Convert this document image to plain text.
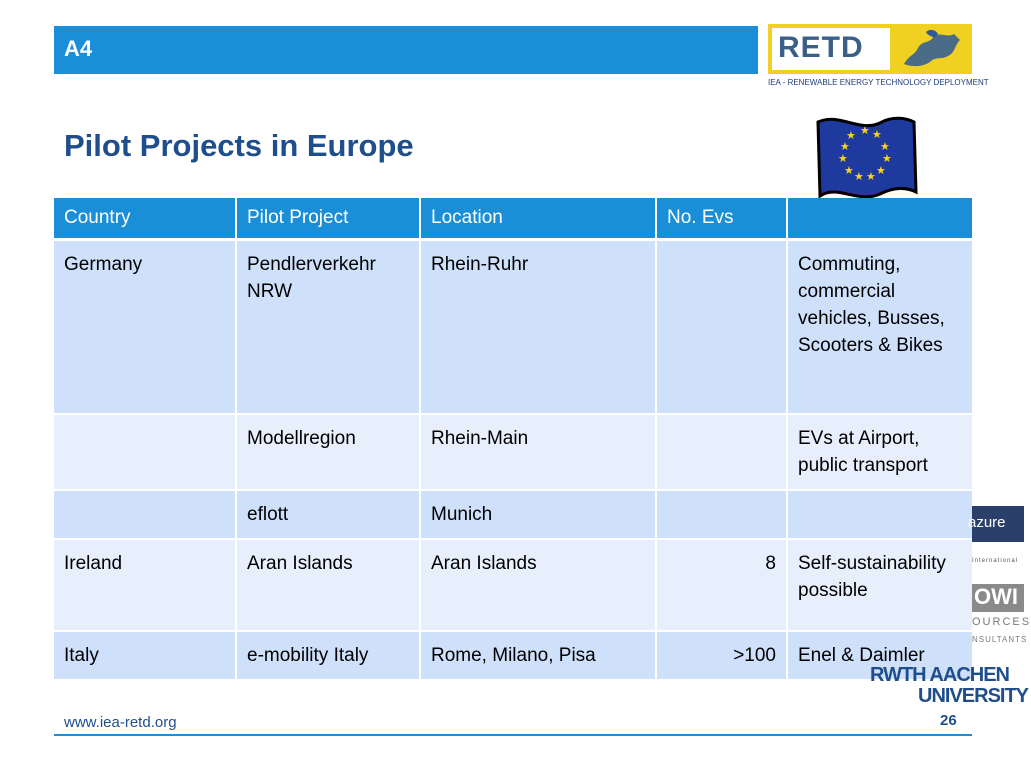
A4	RETD
IEA - RENEWABLE ENERGY TECHNOLOGY DEPLOYMENT
Pilot Projects in Europe	★ ★
★
★
★
★
★
★
★
★
★
Country	Pilot Project	Location	No. Evs	
Germany	Pendlerverkehr NRW	Rhein-Ruhr		Commuting, commercial vehicles, Busses, Scooters & Bikes
	Modellregion	Rhein-Main		EVs at Airport, public transport
	eflott	Munich		
Ireland	Aran Islands	Aran Islands	8	Self-sustainability possible
Italy	e-mobility Italy	Rome, Milano, Pisa	>100	Enel & Daimler
azure
International
OWI
OURCES
NSULTANTS
RWTH AACHEN
UNIVERSITY
www.iea-retd.org	26
